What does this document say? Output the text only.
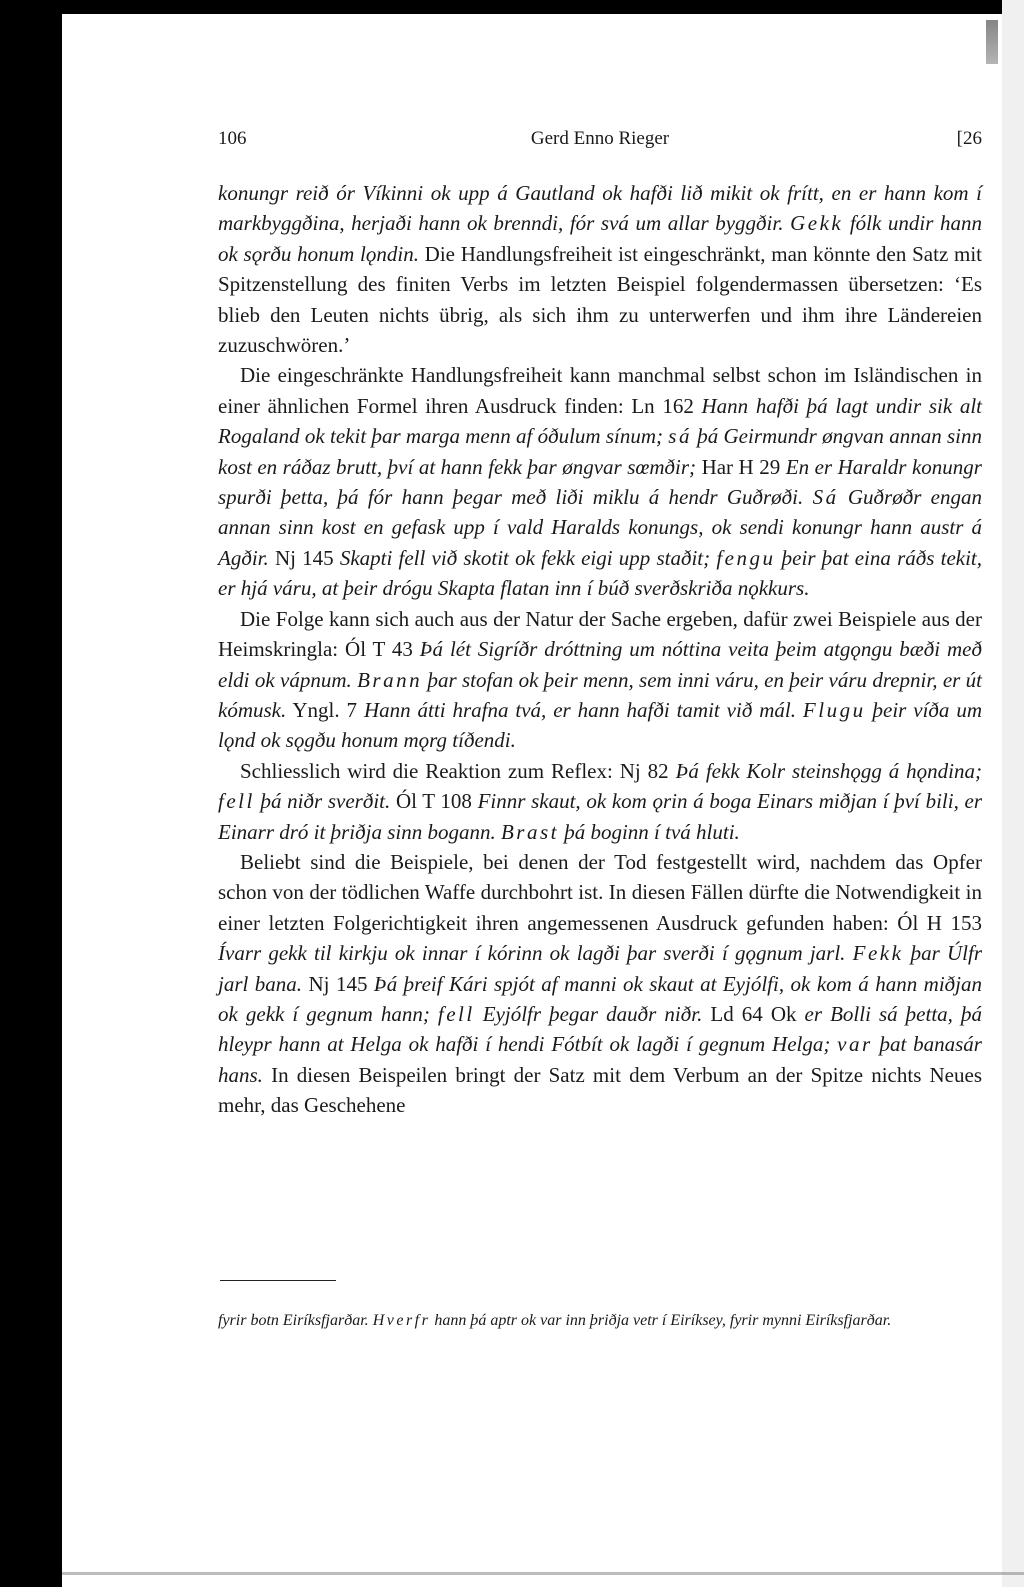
106	Gerd Enno Rieger	[26

konungr reið ór Víkinni ok upp á Gautland ok hafði lið mikit ok frítt, en er hann kom í markbyggðina, herjaði hann ok brenndi, fór svá um allar byggðir. Gekk fólk undir hann ok sǫrðu honum lǫndin. Die Handlungsfreiheit ist eingeschränkt, man könnte den Satz mit Spitzenstellung des finiten Verbs im letzten Beispiel folgendermassen übersetzen: ‘Es blieb den Leuten nichts übrig, als sich ihm zu unterwerfen und ihm ihre Ländereien zuzuschwören.’

Die eingeschränkte Handlungsfreiheit kann manchmal selbst schon im Isländischen in einer ähnlichen Formel ihren Ausdruck finden: Ln 162 Hann hafði þá lagt undir sik alt Rogaland ok tekit þar marga menn af óðulum sínum; sá þá Geirmundr øngvan annan sinn kost en ráðaz brutt, því at hann fekk þar øngvar sœmðir; Har H 29 En er Haraldr konungr spurði þetta, þá fór hann þegar með liði miklu á hendr Guðrøði. Sá Guðrøðr engan annan sinn kost en gefask upp í vald Haralds konungs, ok sendi konungr hann austr á Agðir. Nj 145 Skapti fell við skotit ok fekk eigi upp staðit; fengu þeir þat eina ráðs tekit, er hjá váru, at þeir drógu Skapta flatan inn í búð sverðskriða nǫkkurs.

Die Folge kann sich auch aus der Natur der Sache ergeben, dafür zwei Beispiele aus der Heimskringla: Ól T 43 Þá lét Sigríðr dróttning um nóttina veita þeim atgǫngu bæði með eldi ok vápnum. Brann þar stofan ok þeir menn, sem inni váru, en þeir váru drepnir, er út kómusk. Yngl. 7 Hann átti hrafna tvá, er hann hafði tamit við mál. Flugu þeir víða um lǫnd ok sǫgðu honum mǫrg tíðendi.

Schliesslich wird die Reaktion zum Reflex: Nj 82 Þá fekk Kolr steinshǫgg á hǫndina; fell þá niðr sverðit. Ól T 108 Finnr skaut, ok kom ǫrin á boga Einars miðjan í því bili, er Einarr dró it þriðja sinn bogann. Brast þá boginn í tvá hluti.

Beliebt sind die Beispiele, bei denen der Tod festgestellt wird, nachdem das Opfer schon von der tödlichen Waffe durchbohrt ist. In diesen Fällen dürfte die Notwendigkeit in einer letzten Folgerichtigkeit ihren angemessenen Ausdruck gefunden haben: Ól H 153 Ívarr gekk til kirkju ok innar í kórinn ok lagði þar sverði í gǫgnum jarl. Fekk þar Úlfr jarl bana. Nj 145 Þá þreif Kári spjót af manni ok skaut at Eyjólfi, ok kom á hann miðjan ok gekk í gegnum hann; fell Eyjólfr þegar dauðr niðr. Ld 64 Ok er Bolli sá þetta, þá hleypr hann at Helga ok hafði í hendi Fótbít ok lagði í gegnum Helga; var þat banasár hans. In diesen Beispeilen bringt der Satz mit dem Verbum an der Spitze nichts Neues mehr, das Geschehene

fyrir botn Eiríksfjarðar. Hverfr hann þá aptr ok var inn þriðja vetr í Eiríksey, fyrir mynni Eiríksfjarðar.
